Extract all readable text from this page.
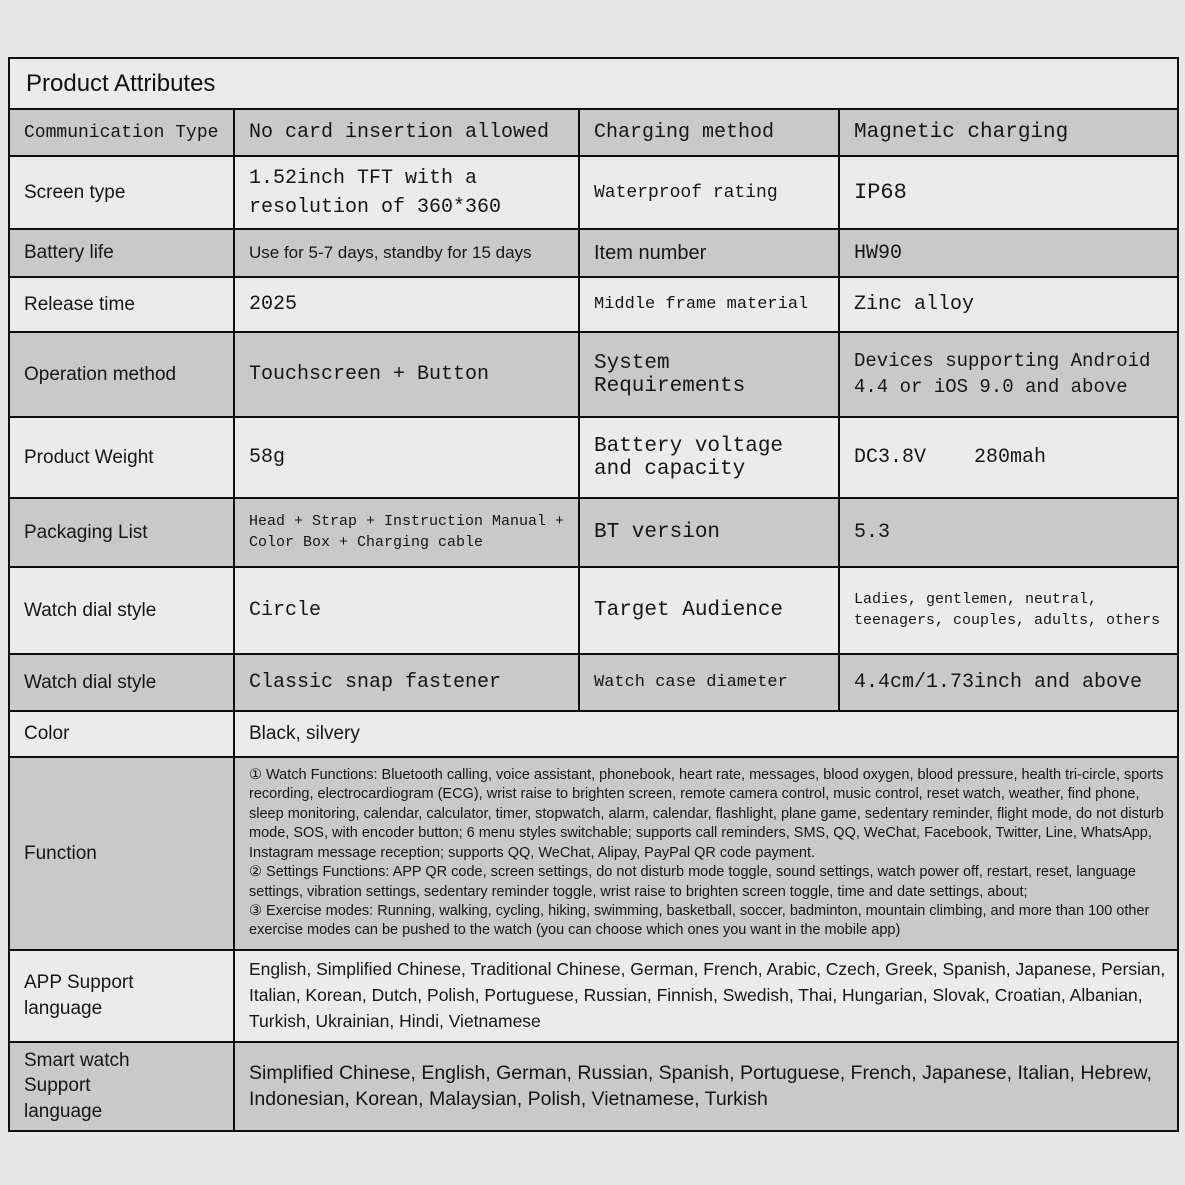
Product Attributes			
Communication Type	No card insertion allowed	Charging method	Magnetic charging
Screen type	1.52inch TFT with a resolution of 360*360	Waterproof rating	IP68
Battery life	Use for 5-7 days, standby for 15 days	Item number	HW90
Release time	2025	Middle frame material	Zinc alloy
Operation method	Touchscreen + Button	System Requirements	Devices supporting Android 4.4 or iOS 9.0 and above
Product Weight	58g	Battery voltage and capacity	DC3.8V    280mah
Packaging List	Head + Strap + Instruction Manual + Color Box + Charging cable	BT version	5.3
Watch dial style	Circle	Target Audience	Ladies, gentlemen, neutral, teenagers, couples, adults, others
Watch dial style	Classic snap fastener	Watch case diameter	4.4cm/1.73inch and above
Color	Black, silvery		
Function	① Watch Functions: Bluetooth calling, voice assistant, phonebook, heart rate, messages, blood oxygen, blood pressure, health tri-circle, sports recording, electrocardiogram (ECG), wrist raise to brighten screen, remote camera control, music control, reset watch, weather, find phone, sleep monitoring, calendar, calculator, timer, stopwatch, alarm, calendar, flashlight, plane game, sedentary reminder, flight mode, do not disturb mode, SOS, with encoder button; 6 menu styles switchable; supports call reminders, SMS, QQ, WeChat, Facebook, Twitter, Line, WhatsApp, Instagram message reception; supports QQ, WeChat, Alipay, PayPal QR code payment.
② Settings Functions: APP QR code, screen settings, do not disturb mode toggle, sound settings, watch power off, restart, reset, language settings, vibration settings, sedentary reminder toggle, wrist raise to brighten screen toggle, time and date settings, about;
③ Exercise modes: Running, walking, cycling, hiking, swimming, basketball, soccer, badminton, mountain climbing, and more than 100 other exercise modes can be pushed to the watch (you can choose which ones you want in the mobile app)		

APP Support language	English, Simplified Chinese, Traditional Chinese, German, French, Arabic, Czech, Greek, Spanish, Japanese, Persian, Italian, Korean, Dutch, Polish, Portuguese, Russian, Finnish, Swedish, Thai, Hungarian, Slovak, Croatian, Albanian, Turkish, Ukrainian, Hindi, Vietnamese		
Smart watch Support language	Simplified Chinese, English, German, Russian, Spanish, Portuguese, French, Japanese, Italian, Hebrew, Indonesian, Korean, Malaysian, Polish, Vietnamese, Turkish		
